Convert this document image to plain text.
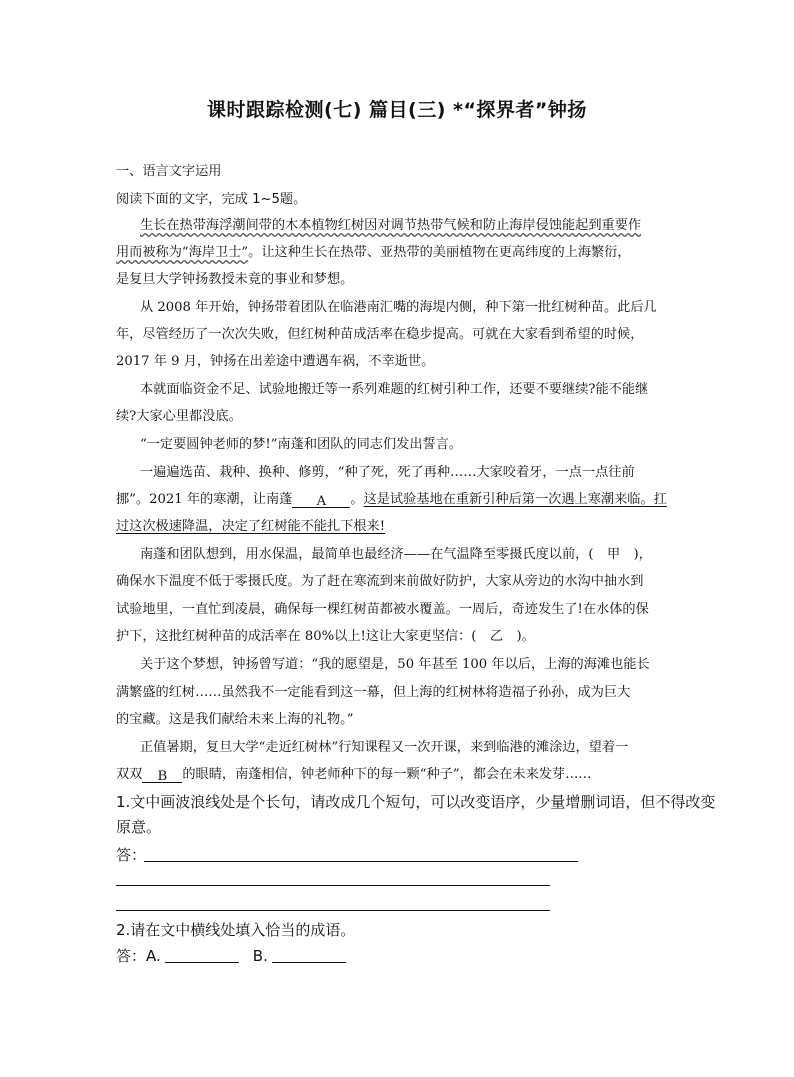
课时跟踪检测(七) 篇目(三) *“探界者”钟扬
一、语言文字运用
阅读下面的文字，完成 1~5题。
生长在热带海浮潮间带的木本植物红树因对调节热带气候和防止海岸侵蚀能起到重要作
用而被称为“海岸卫士”。让这种生长在热带、亚热带的美丽植物在更高纬度的上海繁衍，
是复旦大学钟扬教授未竟的事业和梦想。
从 2008 年开始，钟扬带着团队在临港南汇嘴的海堤内侧，种下第一批红树种苗。此后几
年，尽管经历了一次次失败，但红树种苗成活率在稳步提高。可就在大家看到希望的时候，
2017 年 9 月，钟扬在出差途中遭遇车祸，不幸逝世。
本就面临资金不足、试验地搬迁等一系列难题的红树引种工作，还要不要继续?能不能继
续?大家心里都没底。
“一定要圆钟老师的梦!”南蓬和团队的同志们发出誓言。
一遍遍选苗、栽种、换种、修剪，“种了死，死了再种……大家咬着牙，一点一点往前
挪”。2021 年的寒潮，让南蓬 A 。这是试验基地在重新引种后第一次遇上寒潮来临。扛
过这次极速降温，决定了红树能不能扎下根来!
南蓬和团队想到，用水保温，最简单也最经济——在气温降至零摄氏度以前，( 甲 )，
确保水下温度不低于零摄氏度。为了赶在寒流到来前做好防护，大家从旁边的水沟中抽水到
试验地里，一直忙到凌晨，确保每一棵红树苗都被水覆盖。一周后，奇迹发生了!在水体的保
护下，这批红树种苗的成活率在 80%以上!这让大家更坚信：( 乙 )。
关于这个梦想，钟扬曾写道：“我的愿望是，50 年甚至 100 年以后，上海的海滩也能长
满繁盛的红树……虽然我不一定能看到这一幕，但上海的红树林将造福子孙孙，成为巨大
的宝藏。这是我们献给未来上海的礼物。”
正值暑期，复旦大学“走近红树林”行知课程又一次开课，来到临港的滩涂边，望着一
双双 B 的眼睛，南蓬相信，钟老师种下的每一颗“种子”，都会在未来发芽……
1.文中画波浪线处是个长句，请改成几个短句，可以改变语序，少量增删词语，但不得改变
原意。
答：
2.请在文中横线处填入恰当的成语。
答：A.	B.
